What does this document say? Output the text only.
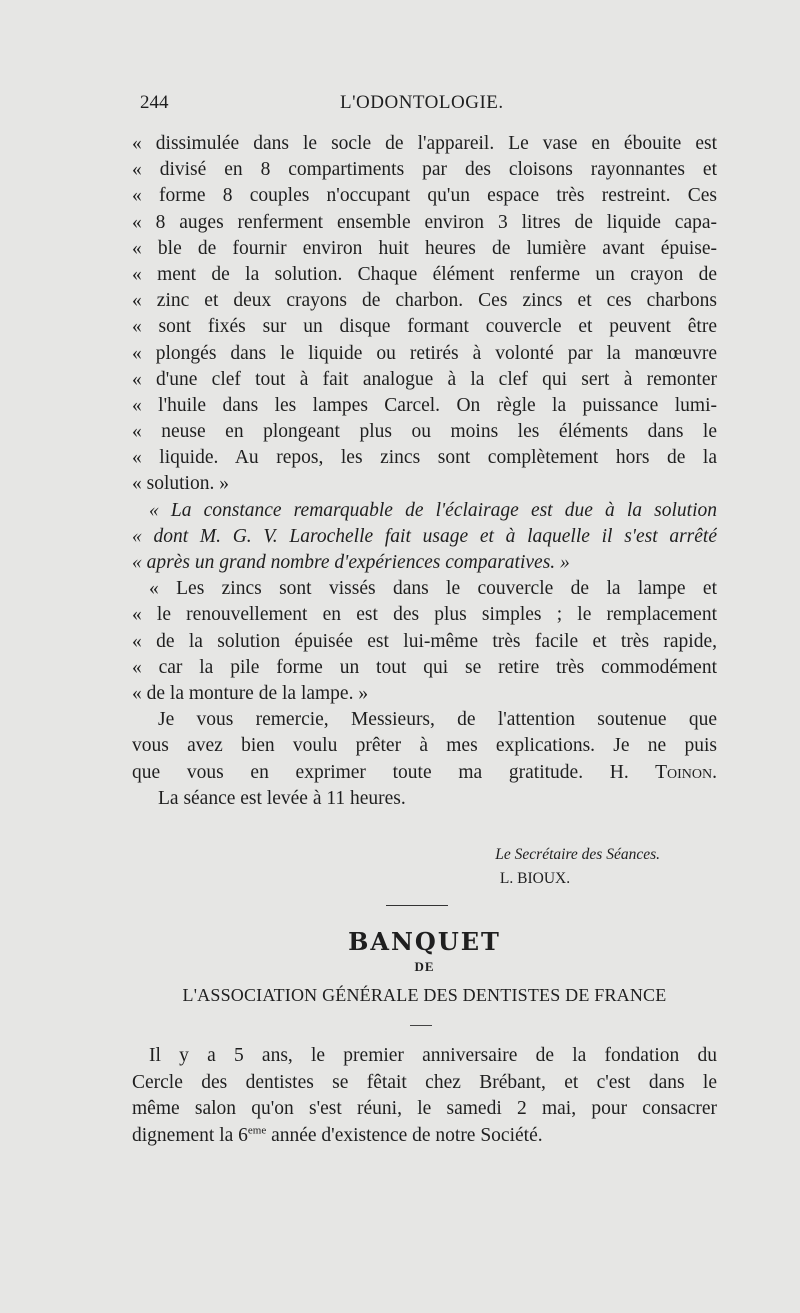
244	L'ODONTOLOGIE.
« dissimulée dans le socle de l'appareil. Le vase en ébouite est
« divisé en 8 compartiments par des cloisons rayonnantes et
« forme 8 couples n'occupant qu'un espace très restreint. Ces
« 8 auges renferment ensemble environ 3 litres de liquide capa-
« ble de fournir environ huit heures de lumière avant épuise-
« ment de la solution. Chaque élément renferme un crayon de
« zinc et deux crayons de charbon. Ces zincs et ces charbons
« sont fixés sur un disque formant couvercle et peuvent être
« plongés dans le liquide ou retirés à volonté par la manœuvre
« d'une clef tout à fait analogue à la clef qui sert à remonter
« l'huile dans les lampes Carcel. On règle la puissance lumi-
« neuse en plongeant plus ou moins les éléments dans le
« liquide. Au repos, les zincs sont complètement hors de la
« solution. »
« La constance remarquable de l'éclairage est due à la solution
« dont M. G. V. Larochelle fait usage et à laquelle il s'est arrêté
« après un grand nombre d'expériences comparatives. »
« Les zincs sont vissés dans le couvercle de la lampe et
« le renouvellement en est des plus simples ; le remplacement
« de la solution épuisée est lui-même très facile et très rapide,
« car la pile forme un tout qui se retire très commodément
« de la monture de la lampe. »
Je vous remercie, Messieurs, de l'attention soutenue que
vous avez bien voulu prêter à mes explications. Je ne puis
que vous en exprimer toute ma gratitude. H. Toinon.
La séance est levée à 11 heures.
Le Secrétaire des Séances.
L. BIOUX.
BANQUET
DE
L'ASSOCIATION GÉNÉRALE DES DENTISTES DE FRANCE
Il y a 5 ans, le premier anniversaire de la fondation du
Cercle des dentistes se fêtait chez Brébant, et c'est dans le
même salon qu'on s'est réuni, le samedi 2 mai, pour consacrer
dignement la 6eme année d'existence de notre Société.
